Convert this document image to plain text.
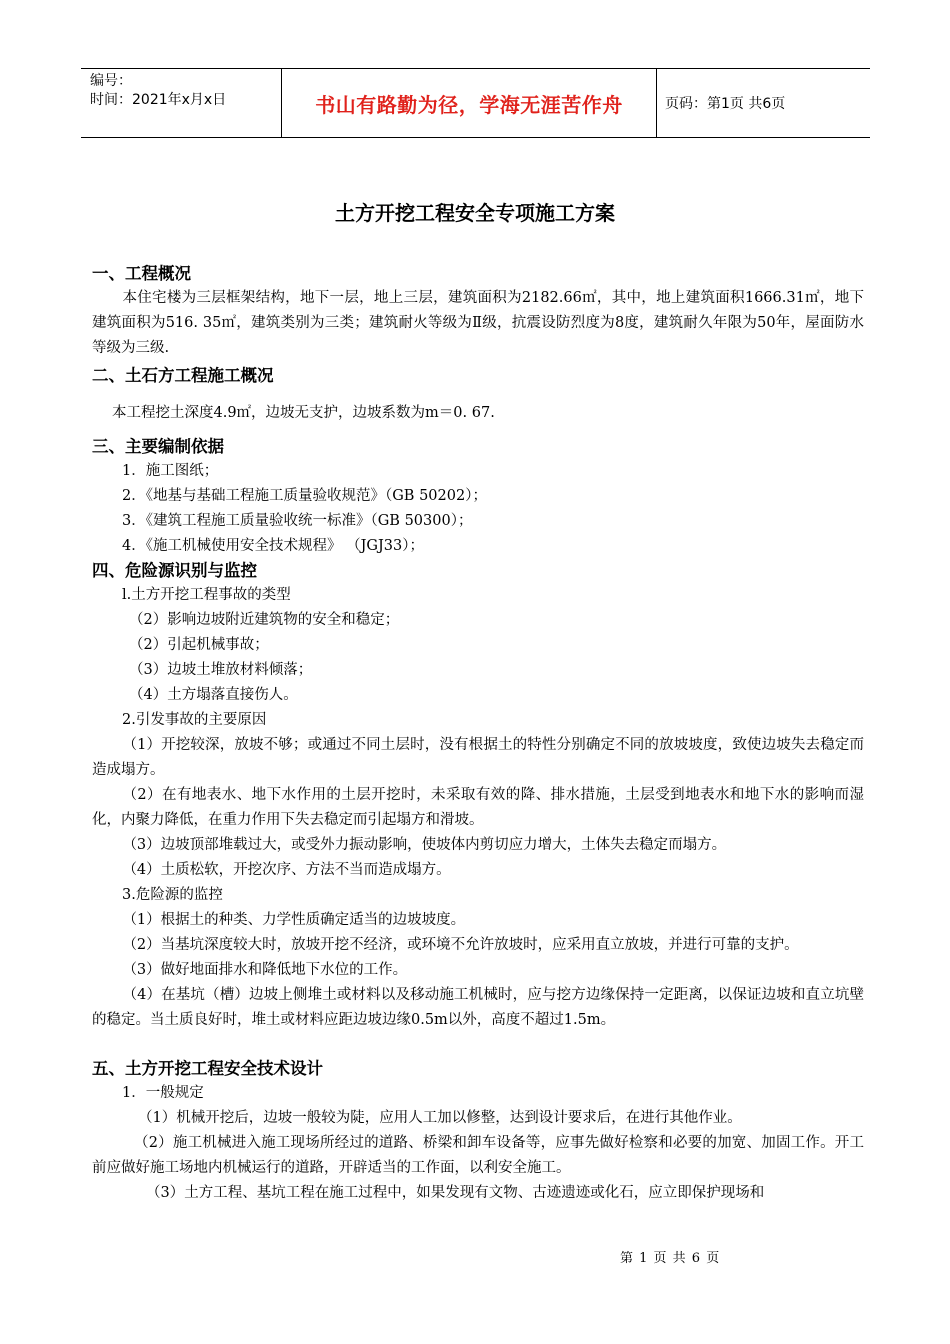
编号：
时间：2021年x月x日	书山有路勤为径，学海无涯苦作舟	页码：第1页 共6页
土方开挖工程安全专项施工方案
一、工程概况
本住宅楼为三层框架结构，地下一层，地上三层，建筑面积为2182.66㎡，其中，地上建筑面积1666.31㎡，地下建筑面积为516. 35㎡，建筑类别为三类；建筑耐火等级为Ⅱ级，抗震设防烈度为8度，建筑耐久年限为50年，屋面防水等级为三级.
二、土石方工程施工概况
本工程挖土深度4.9㎡，边坡无支护，边坡系数为m＝0. 67.
三、主要编制依据
1．施工图纸；
2．《地基与基础工程施工质量验收规范》（GB 50202）；
3．《建筑工程施工质量验收统一标准》（GB 50300）；
4．《施工机械使用安全技术规程》 （JGJ33）；
四、危险源识别与监控
l.土方开挖工程事故的类型
（2）影响边坡附近建筑物的安全和稳定；
（2）引起机械事故；
（3）边坡土堆放材料倾落；
（4）土方塌落直接伤人。
2.引发事故的主要原因
（1）开挖较深，放坡不够；或通过不同土层时，没有根据土的特性分别确定不同的放坡坡度，致使边坡失去稳定而造成塌方。
（2）在有地表水、地下水作用的土层开挖时，未采取有效的降、排水措施，土层受到地表水和地下水的影响而湿化，内聚力降低，在重力作用下失去稳定而引起塌方和滑坡。
（3）边坡顶部堆载过大，或受外力振动影响，使坡体内剪切应力增大，土体失去稳定而塌方。
（4）土质松软，开挖次序、方法不当而造成塌方。
3.危险源的监控
（1）根据土的种类、力学性质确定适当的边坡坡度。
（2）当基坑深度较大时，放坡开挖不经济，或环境不允许放坡时，应采用直立放坡，并进行可靠的支护。
（3）做好地面排水和降低地下水位的工作。
（4）在基坑（槽）边坡上侧堆土或材料以及移动施工机械时，应与挖方边缘保持一定距离，以保证边坡和直立坑壁的稳定。当土质良好时，堆土或材料应距边坡边缘0.5m以外，高度不超过1.5m。
五、土方开挖工程安全技术设计
1．一般规定
（1）机械开挖后，边坡一般较为陡，应用人工加以修整，达到设计要求后，在进行其他作业。
（2）施工机械进入施工现场所经过的道路、桥梁和卸车设备等，应事先做好检察和必要的加宽、加固工作。开工前应做好施工场地内机械运行的道路，开辟适当的工作面，以利安全施工。
（3）土方工程、基坑工程在施工过程中，如果发现有文物、古迹遗迹或化石，应立即保护现场和
第 1 页 共 6 页
